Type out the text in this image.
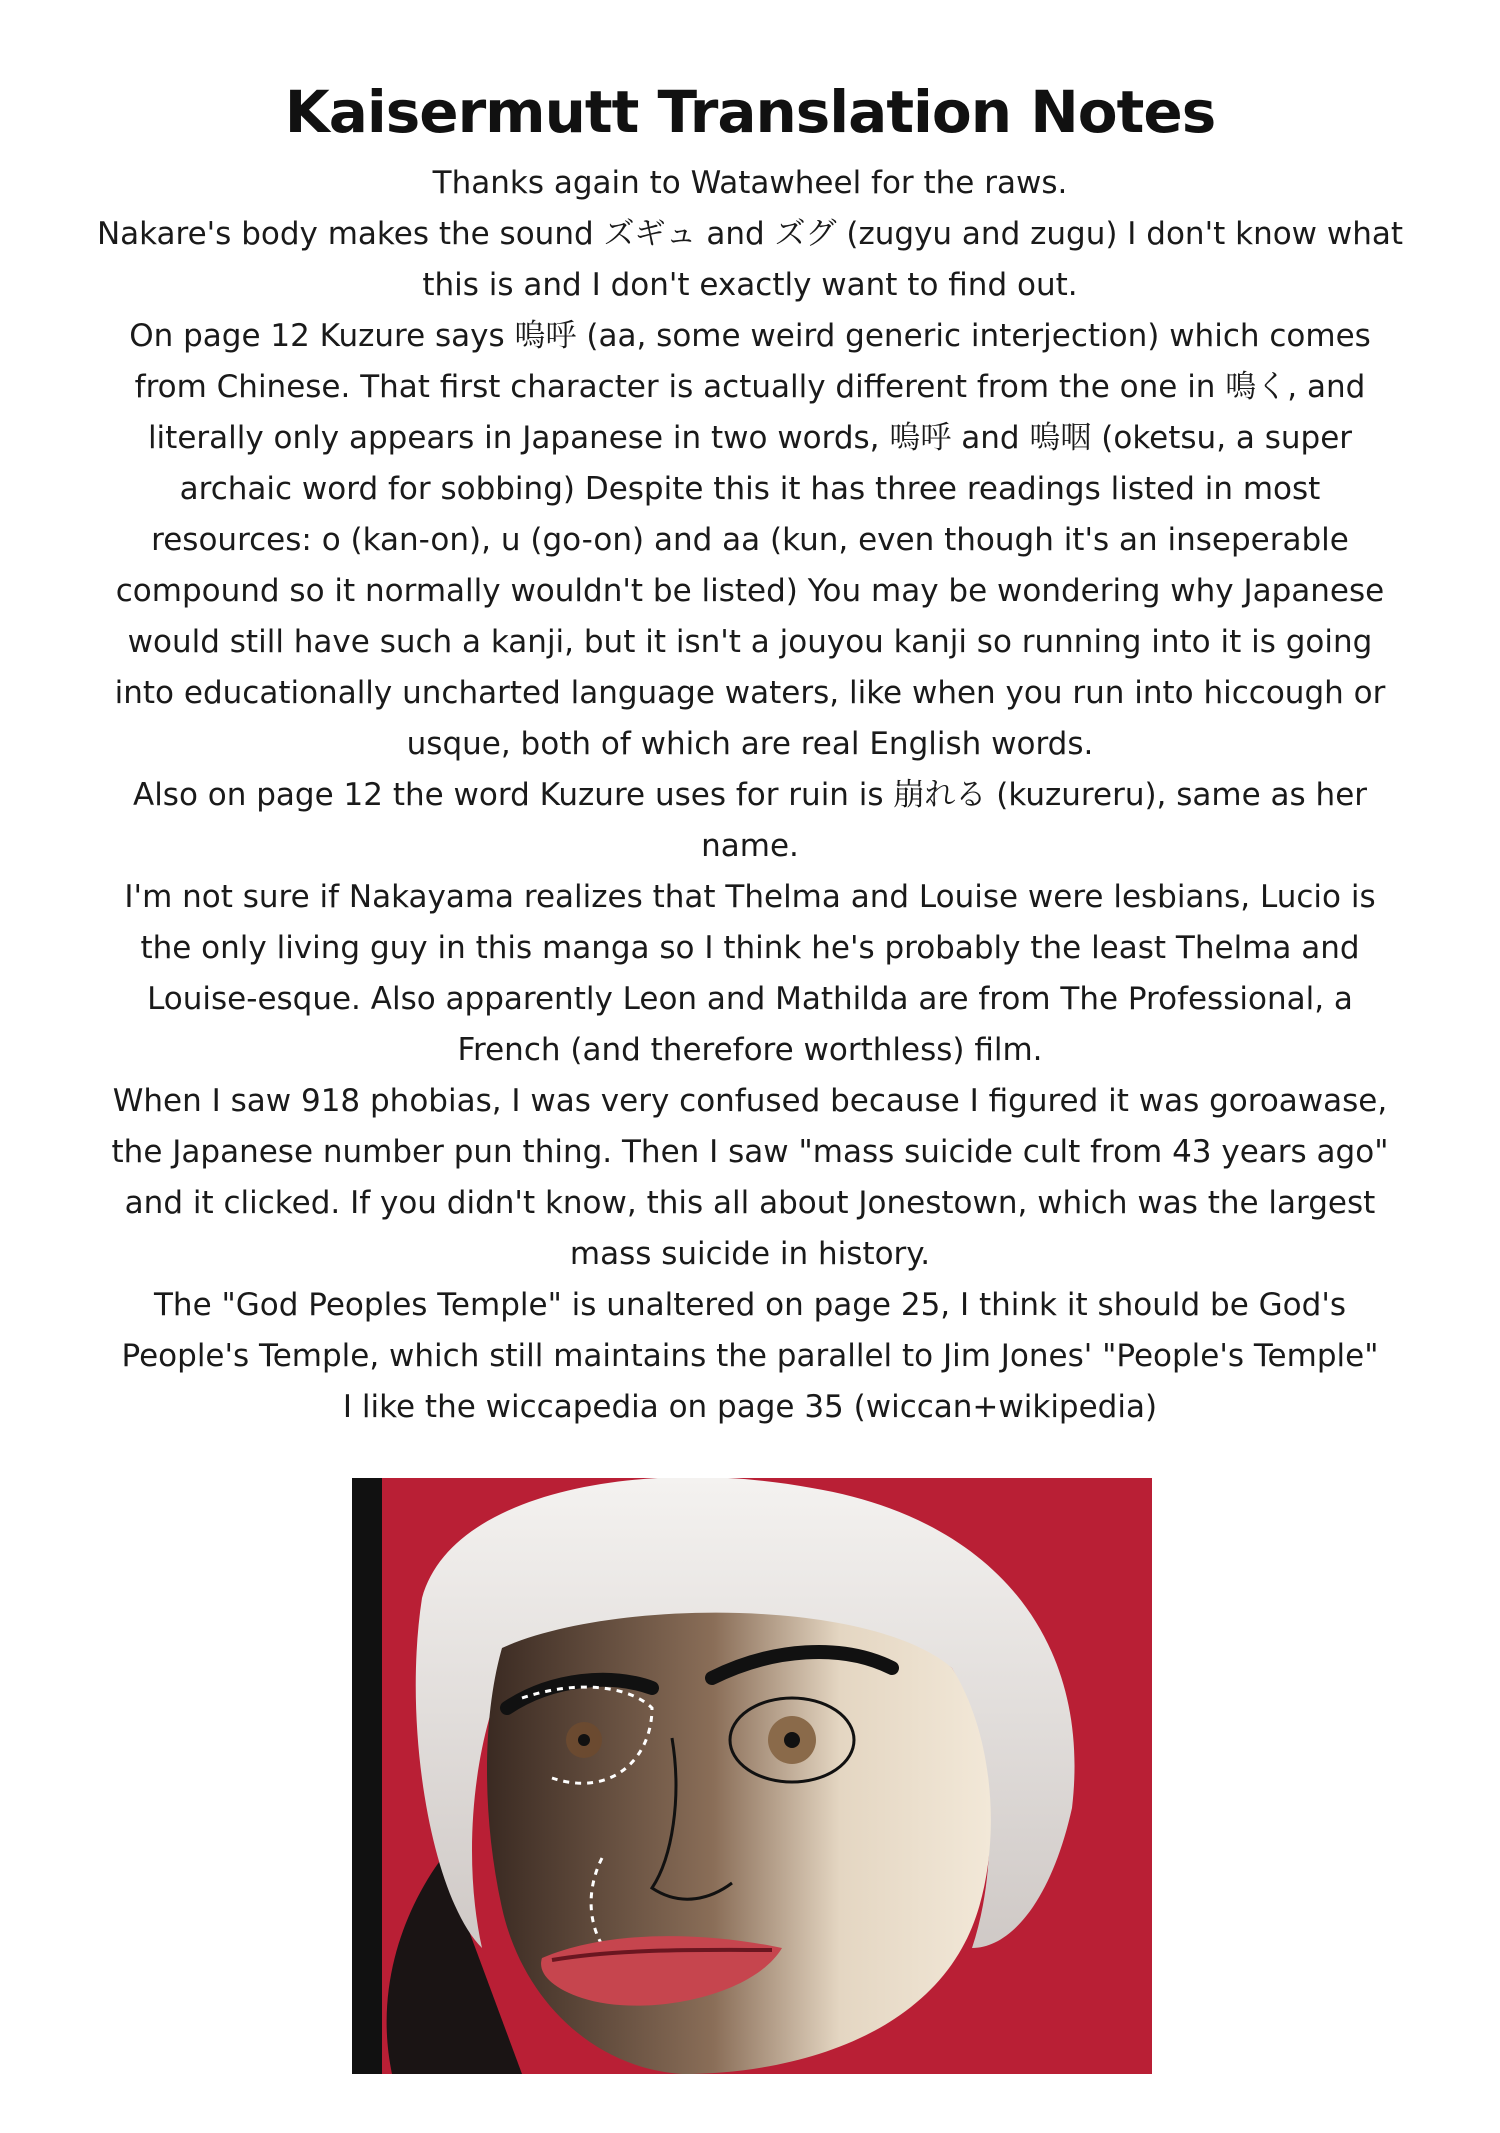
Kaisermutt Translation Notes

Thanks again to Watawheel for the raws.

Nakare's body makes the sound ズギュ and ズグ (zugyu and zugu) I don't know what this is and I don't exactly want to find out.

On page 12 Kuzure says 嗚呼 (aa, some weird generic interjection) which comes from Chinese. That first character is actually different from the one in 鳴く, and literally only appears in Japanese in two words, 嗚呼 and 嗚咽 (oketsu, a super archaic word for sobbing) Despite this it has three readings listed in most resources: o (kan-on), u (go-on) and aa (kun, even though it's an inseperable compound so it normally wouldn't be listed) You may be wondering why Japanese would still have such a kanji, but it isn't a jouyou kanji so running into it is going into educationally uncharted language waters, like when you run into hiccough or usque, both of which are real English words.

Also on page 12 the word Kuzure uses for ruin is 崩れる (kuzureru), same as her name.

I'm not sure if Nakayama realizes that Thelma and Louise were lesbians, Lucio is the only living guy in this manga so I think he's probably the least Thelma and Louise-esque. Also apparently Leon and Mathilda are from The Professional, a French (and therefore worthless) film.

When I saw 918 phobias, I was very confused because I figured it was goroawase, the Japanese number pun thing. Then I saw "mass suicide cult from 43 years ago" and it clicked. If you didn't know, this all about Jonestown, which was the largest mass suicide in history.

The "God Peoples Temple" is unaltered on page 25, I think it should be God's People's Temple, which still maintains the parallel to Jim Jones' "People's Temple"

I like the wiccapedia on page 35 (wiccan+wikipedia)
